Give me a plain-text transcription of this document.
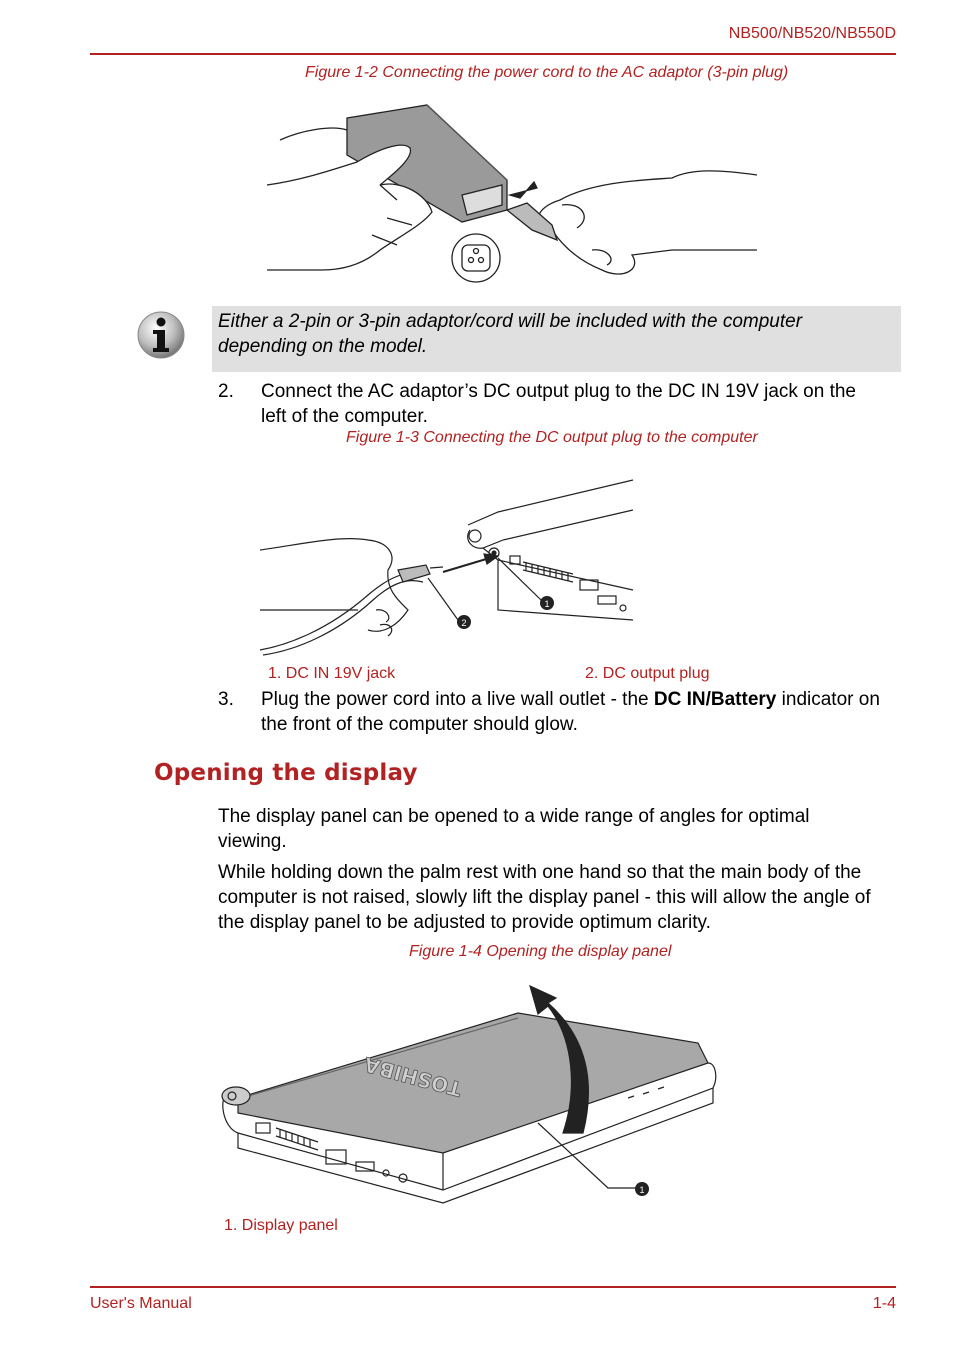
NB500/NB520/NB550D
Figure 1-2 Connecting the power cord to the AC adaptor (3-pin plug)
Either a 2-pin or 3-pin adaptor/cord will be included with the computer depending on the model.
2. Connect the AC adaptor’s DC output plug to the DC IN 19V jack on the left of the computer.
Figure 1-3 Connecting the DC output plug to the computer
2
1
1. DC IN 19V jack	2. DC output plug
3. Plug the power cord into a live wall outlet - the DC IN/Battery indicator on the front of the computer should glow.
Opening the display
The display panel can be opened to a wide range of angles for optimal viewing.
While holding down the palm rest with one hand so that the main body of the computer is not raised, slowly lift the display panel - this will allow the angle of the display panel to be adjusted to provide optimum clarity.
Figure 1-4 Opening the display panel
TOSHIBA
1
1. Display panel
User's Manual	1-4
